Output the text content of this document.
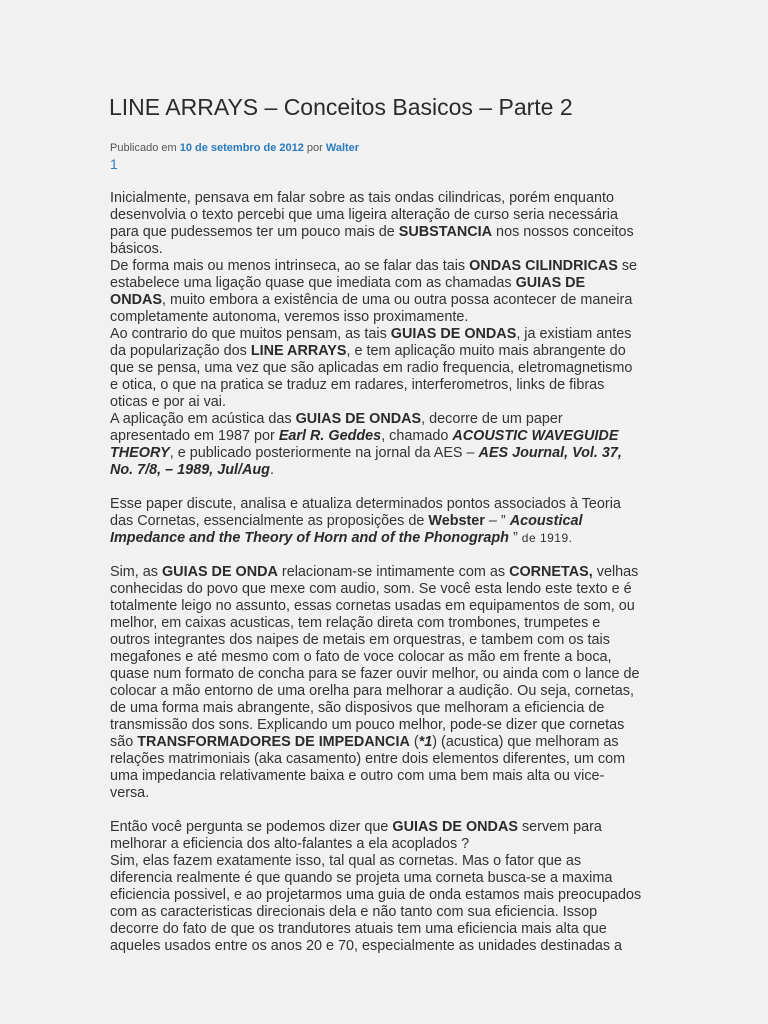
LINE ARRAYS – Conceitos Basicos – Parte 2
Publicado em 10 de setembro de 2012 por Walter
1
Inicialmente, pensava em falar sobre as tais ondas cilindricas, porém enquanto
desenvolvia o texto percebi que uma ligeira alteração de curso seria necessária
para que pudessemos ter um pouco mais de SUBSTANCIA nos nossos conceitos
básicos.
De forma mais ou menos intrinseca, ao se falar das tais ONDAS CILINDRICAS se
estabelece uma ligação quase que imediata com as chamadas GUIAS DE
ONDAS, muito embora a existência de uma ou outra possa acontecer de maneira
completamente autonoma, veremos isso proximamente.
Ao contrario do que muitos pensam, as tais GUIAS DE ONDAS, ja existiam antes
da popularização dos LINE ARRAYS, e tem aplicação muito mais abrangente do
que se pensa, uma vez que são aplicadas em radio frequencia, eletromagnetismo
e otica, o que na pratica se traduz em radares, interferometros, links de fibras
oticas e por ai vai.
A aplicação em acústica das GUIAS DE ONDAS, decorre de um paper
apresentado em 1987 por Earl R. Geddes, chamado ACOUSTIC WAVEGUIDE
THEORY, e publicado posteriormente na jornal da AES – AES Journal, Vol. 37,
No. 7/8, – 1989, Jul/Aug.
Esse paper discute, analisa e atualiza determinados pontos associados à Teoria
das Cornetas, essencialmente as proposições de Webster – ” Acoustical
Impedance and the Theory of Horn and of the Phonograph ” de 1919.
Sim, as GUIAS DE ONDA relacionam-se intimamente com as CORNETAS, velhas
conhecidas do povo que mexe com audio, som. Se você esta lendo este texto e é
totalmente leigo no assunto, essas cornetas usadas em equipamentos de som, ou
melhor, em caixas acusticas, tem relação direta com trombones, trumpetes e
outros integrantes dos naipes de metais em orquestras, e tambem com os tais
megafones e até mesmo com o fato de voce colocar as mão em frente a boca,
quase num formato de concha para se fazer ouvir melhor, ou ainda com o lance de
colocar a mão entorno de uma orelha para melhorar a audição. Ou seja, cornetas,
de uma forma mais abrangente, são disposivos que melhoram a eficiencia de
transmissão dos sons. Explicando um pouco melhor, pode-se dizer que cornetas
são TRANSFORMADORES DE IMPEDANCIA (*1) (acustica) que melhoram as
relações matrimoniais (aka casamento) entre dois elementos diferentes, um com
uma impedancia relativamente baixa e outro com uma bem mais alta ou vice-
versa.
Então você pergunta se podemos dizer que GUIAS DE ONDAS servem para
melhorar a eficiencia dos alto-falantes a ela acoplados ?
Sim, elas fazem exatamente isso, tal qual as cornetas. Mas o fator que as
diferencia realmente é que quando se projeta uma corneta busca-se a maxima
eficiencia possivel, e ao projetarmos uma guia de onda estamos mais preocupados
com as caracteristicas direcionais dela e não tanto com sua eficiencia. Issop
decorre do fato de que os trandutores atuais tem uma eficiencia mais alta que
aqueles usados entre os anos 20 e 70, especialmente as unidades destinadas a
